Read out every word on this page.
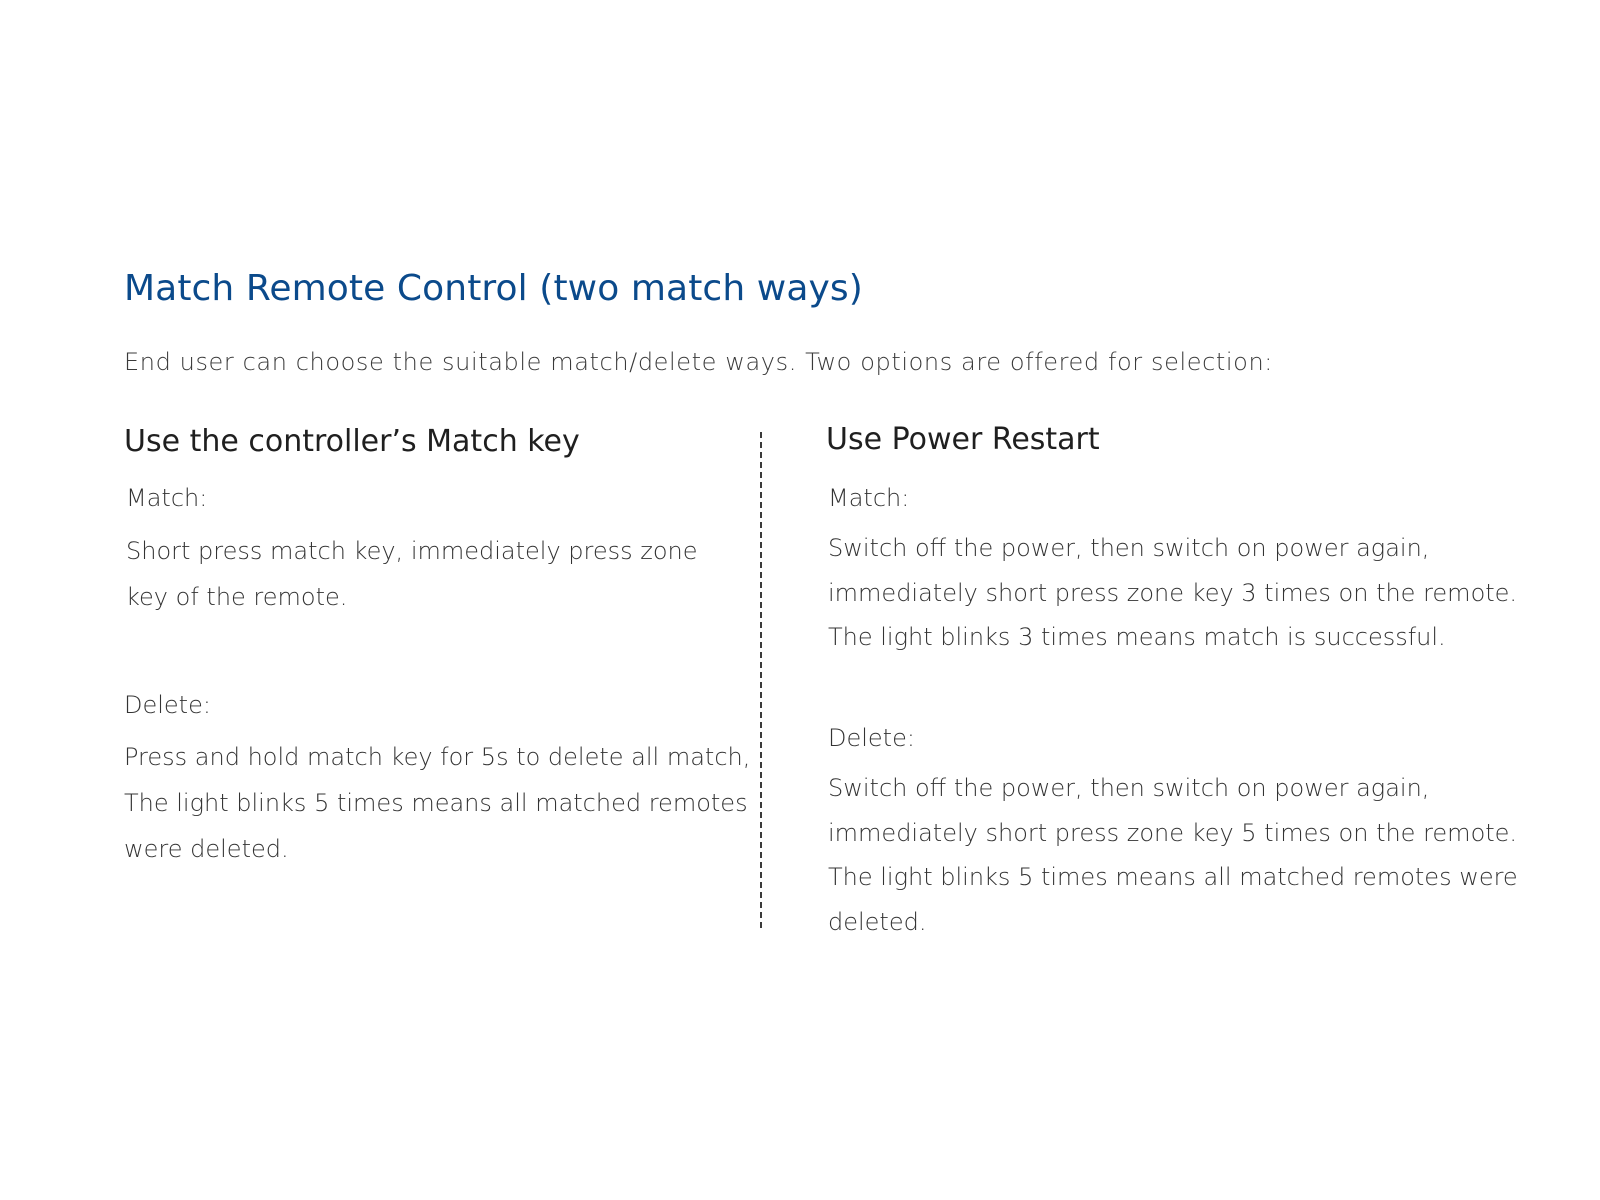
Match Remote Control (two match ways)

End user can choose the suitable match/delete ways. Two options are offered for selection:

Use the controller’s Match key

Match:

Short press match key, immediately press zone
key of the remote.

Delete:

Press and hold match key for 5s to delete all match,
The light blinks 5 times means all matched remotes
were deleted.
Use Power Restart

Match:

Switch off the power, then switch on power again,
immediately short press zone key 3 times on the remote.
The light blinks 3 times means match is successful.

Delete:

Switch off the power, then switch on power again,
immediately short press zone key 5 times on the remote.
The light blinks 5 times means all matched remotes were
deleted.
